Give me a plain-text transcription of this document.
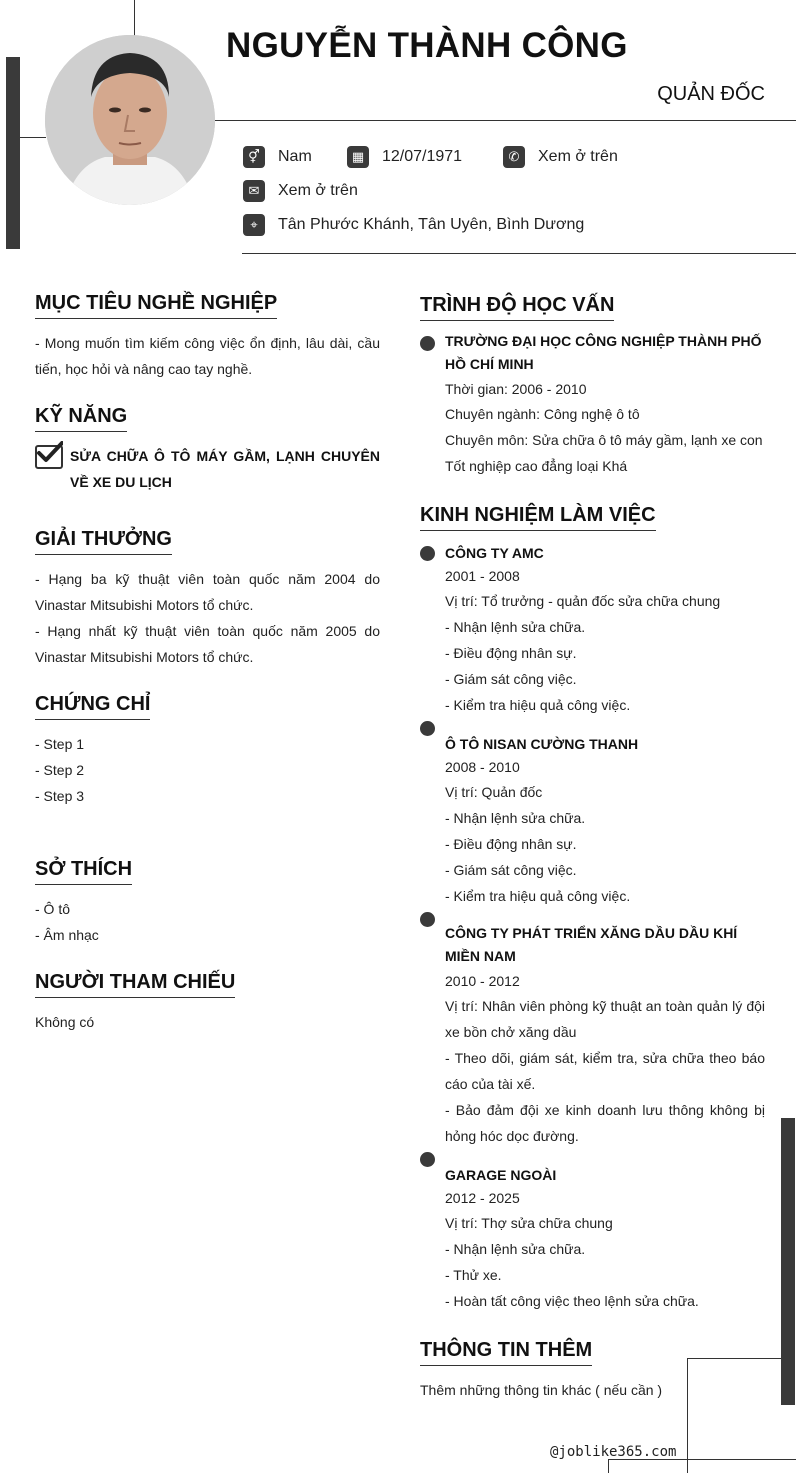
NGUYỄN THÀNH CÔNG
QUẢN ĐỐC
⚥	Nam	▦	12/07/1971	✆	Xem ở trên
✉	Xem ở trên
⌖	Tân Phước Khánh, Tân Uyên, Bình Dương
MỤC TIÊU NGHỀ NGHIỆP
- Mong muốn tìm kiếm công việc ổn định, lâu dài, cầu tiến, học hỏi và nâng cao tay nghề.
KỸ NĂNG
SỬA CHỮA Ô TÔ MÁY GẦM, LẠNH CHUYÊN VỀ XE DU LỊCH
GIẢI THƯỞNG
- Hạng ba kỹ thuật viên toàn quốc năm 2004 do Vinastar Mitsubishi Motors tổ chức.
- Hạng nhất kỹ thuật viên toàn quốc năm 2005 do Vinastar Mitsubishi Motors tổ chức.
CHỨNG CHỈ
- Step 1
- Step 2
- Step 3
SỞ THÍCH
- Ô tô
- Âm nhạc
NGƯỜI THAM CHIẾU
Không có
TRÌNH ĐỘ HỌC VẤN
TRƯỜNG ĐẠI HỌC CÔNG NGHIỆP THÀNH PHỐ HỒ CHÍ MINH
Thời gian: 2006 - 2010
Chuyên ngành: Công nghệ ô tô
Chuyên môn: Sửa chữa ô tô máy gầm, lạnh xe con
Tốt nghiệp cao đẳng loại Khá
KINH NGHIỆM LÀM VIỆC
CÔNG TY AMC
2001 - 2008
Vị trí: Tổ trưởng - quản đốc sửa chữa chung
- Nhận lệnh sửa chữa.
- Điều động nhân sự.
- Giám sát công việc.
- Kiểm tra hiệu quả công việc.
Ô TÔ NISAN CƯỜNG THANH
2008 - 2010
Vị trí: Quản đốc
- Nhận lệnh sửa chữa.
- Điều động nhân sự.
- Giám sát công việc.
- Kiểm tra hiệu quả công việc.
CÔNG TY PHÁT TRIỂN XĂNG DẦU DẦU KHÍ MIỀN NAM
2010 - 2012
Vị trí: Nhân viên phòng kỹ thuật an toàn quản lý đội xe bồn chở xăng dầu
- Theo dõi, giám sát, kiểm tra, sửa chữa theo báo cáo của tài xế.
- Bảo đảm đội xe kinh doanh lưu thông không bị hỏng hóc dọc đường.
GARAGE NGOÀI
2012 - 2025
Vị trí: Thợ sửa chữa chung
- Nhận lệnh sửa chữa.
- Thử xe.
- Hoàn tất công việc theo lệnh sửa chữa.
THÔNG TIN THÊM
Thêm những thông tin khác ( nếu cần )
@joblike365.com
